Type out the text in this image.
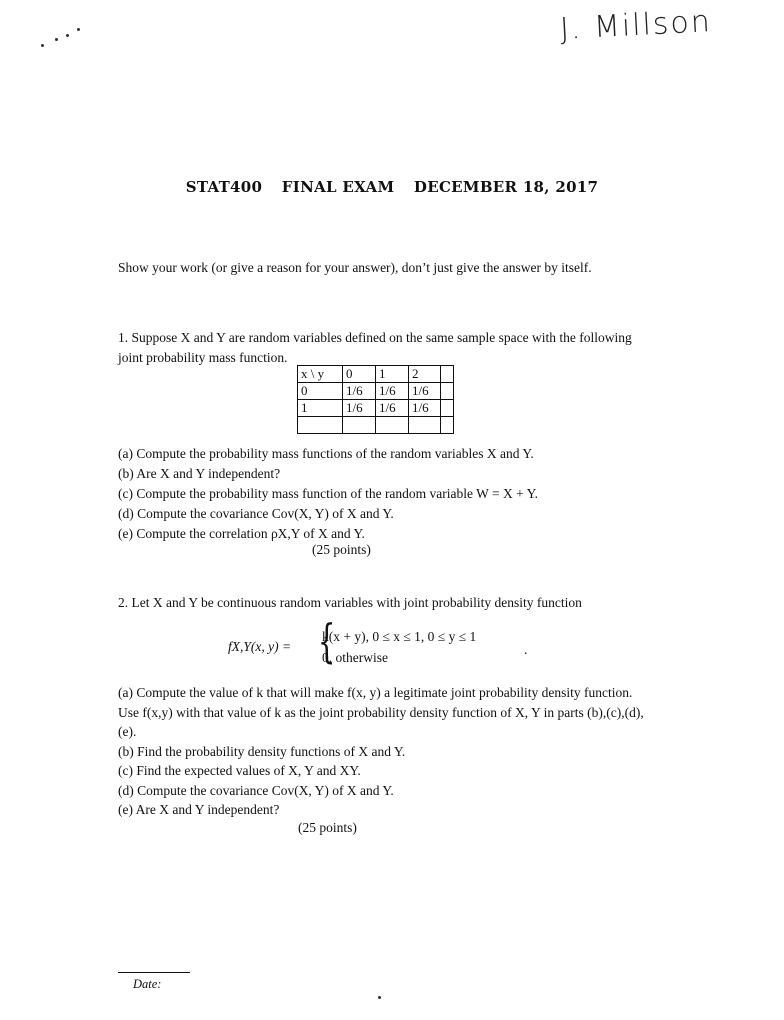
J. Millson
STAT400 FINAL EXAM DECEMBER 18, 2017
Show your work (or give a reason for your answer), don’t just give the answer by itself.
1. Suppose X and Y are random variables defined on the same sample space with the following joint probability mass function.
x \ y	0	1	2	
0	1/6	1/6	1/6	
1	1/6	1/6	1/6	

(a) Compute the probability mass functions of the random variables X and Y.
(b) Are X and Y independent?
(c) Compute the probability mass function of the random variable W = X + Y.
(d) Compute the covariance Cov(X, Y) of X and Y.
(e) Compute the correlation ρX,Y of X and Y.
(25 points)
2. Let X and Y be continuous random variables with joint probability density function
fX,Y(x, y) = {
k(x + y), 0 ≤ x ≤ 1, 0 ≤ y ≤ 1
0, otherwise
.
(a) Compute the value of k that will make f(x, y) a legitimate joint probability density function. Use f(x,y) with that value of k as the joint probability density function of X, Y in parts (b),(c),(d),(e).
(b) Find the probability density functions of X and Y.
(c) Find the expected values of X, Y and XY.
(d) Compute the covariance Cov(X, Y) of X and Y.
(e) Are X and Y independent?
(25 points)
Date:
